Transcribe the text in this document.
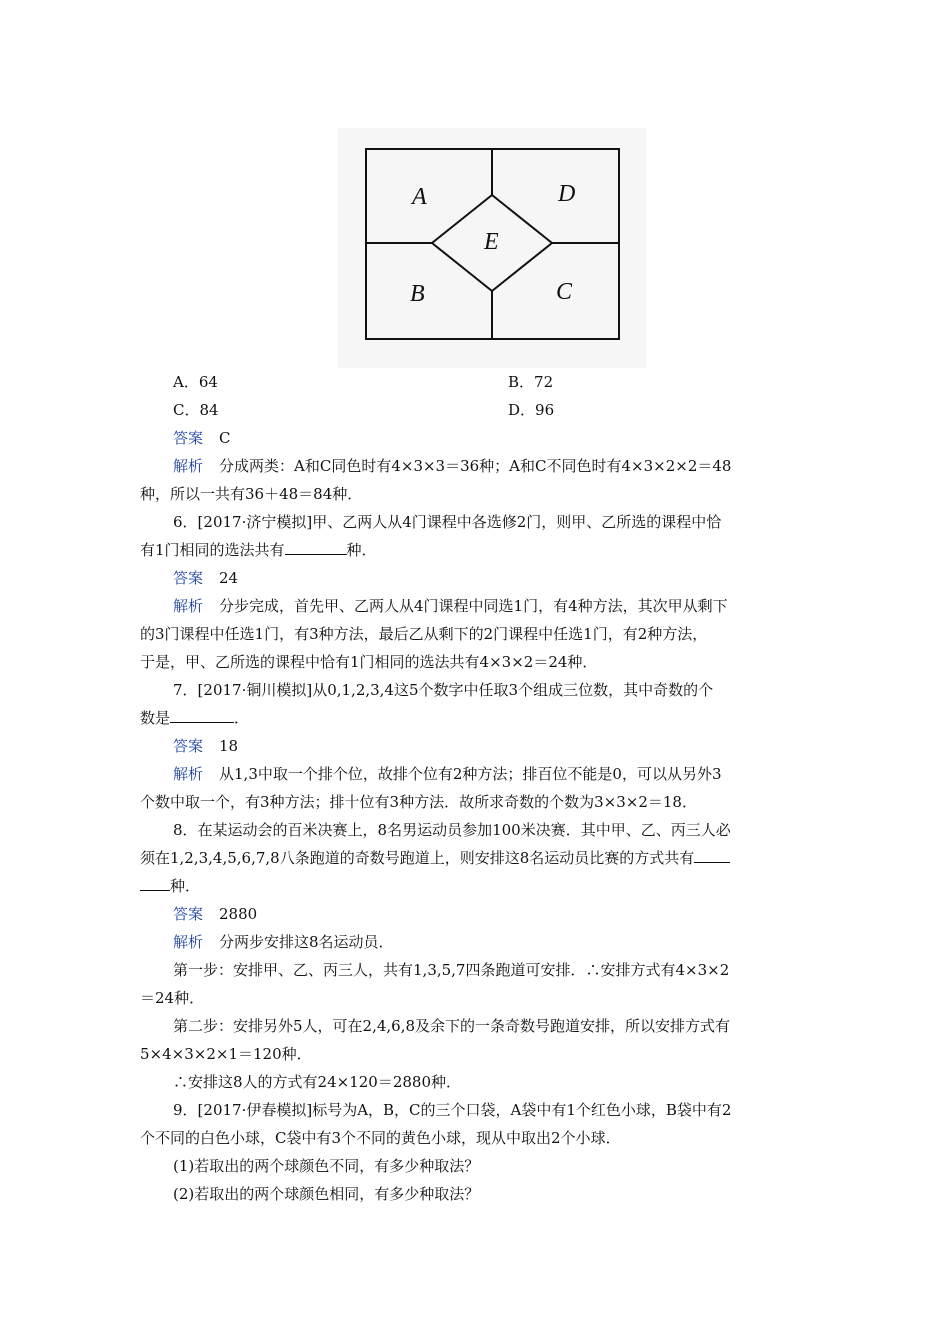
A	D
E
B	C
A．64	B．72
C．84	D．96
答案 C
解析 分成两类：A和C同色时有4×3×3＝36种；A和C不同色时有4×3×2×2＝48
种，所以一共有36＋48＝84种．
6．[2017·济宁模拟]甲、乙两人从4门课程中各选修2门，则甲、乙所选的课程中恰
有1门相同的选法共有	种．
答案 24
解析 分步完成，首先甲、乙两人从4门课程中同选1门，有4种方法，其次甲从剩下
的3门课程中任选1门，有3种方法，最后乙从剩下的2门课程中任选1门，有2种方法，
于是，甲、乙所选的课程中恰有1门相同的选法共有4×3×2＝24种．
7．[2017·铜川模拟]从0,1,2,3,4这5个数字中任取3个组成三位数，其中奇数的个
数是	．
答案 18
解析 从1,3中取一个排个位，故排个位有2种方法；排百位不能是0，可以从另外3
个数中取一个，有3种方法；排十位有3种方法．故所求奇数的个数为3×3×2＝18．
8．在某运动会的百米决赛上，8名男运动员参加100米决赛．其中甲、乙、丙三人必
须在1,2,3,4,5,6,7,8八条跑道的奇数号跑道上，则安排这8名运动员比赛的方式共有
种．
答案 2880
解析 分两步安排这8名运动员．
第一步：安排甲、乙、丙三人，共有1,3,5,7四条跑道可安排．∴安排方式有4×3×2
＝24种．
第二步：安排另外5人，可在2,4,6,8及余下的一条奇数号跑道安排，所以安排方式有
5×4×3×2×1＝120种．
∴安排这8人的方式有24×120＝2880种．
9．[2017·伊春模拟]标号为A，B，C的三个口袋，A袋中有1个红色小球，B袋中有2
个不同的白色小球，C袋中有3个不同的黄色小球，现从中取出2个小球．
(1)若取出的两个球颜色不同，有多少种取法？
(2)若取出的两个球颜色相同，有多少种取法？
